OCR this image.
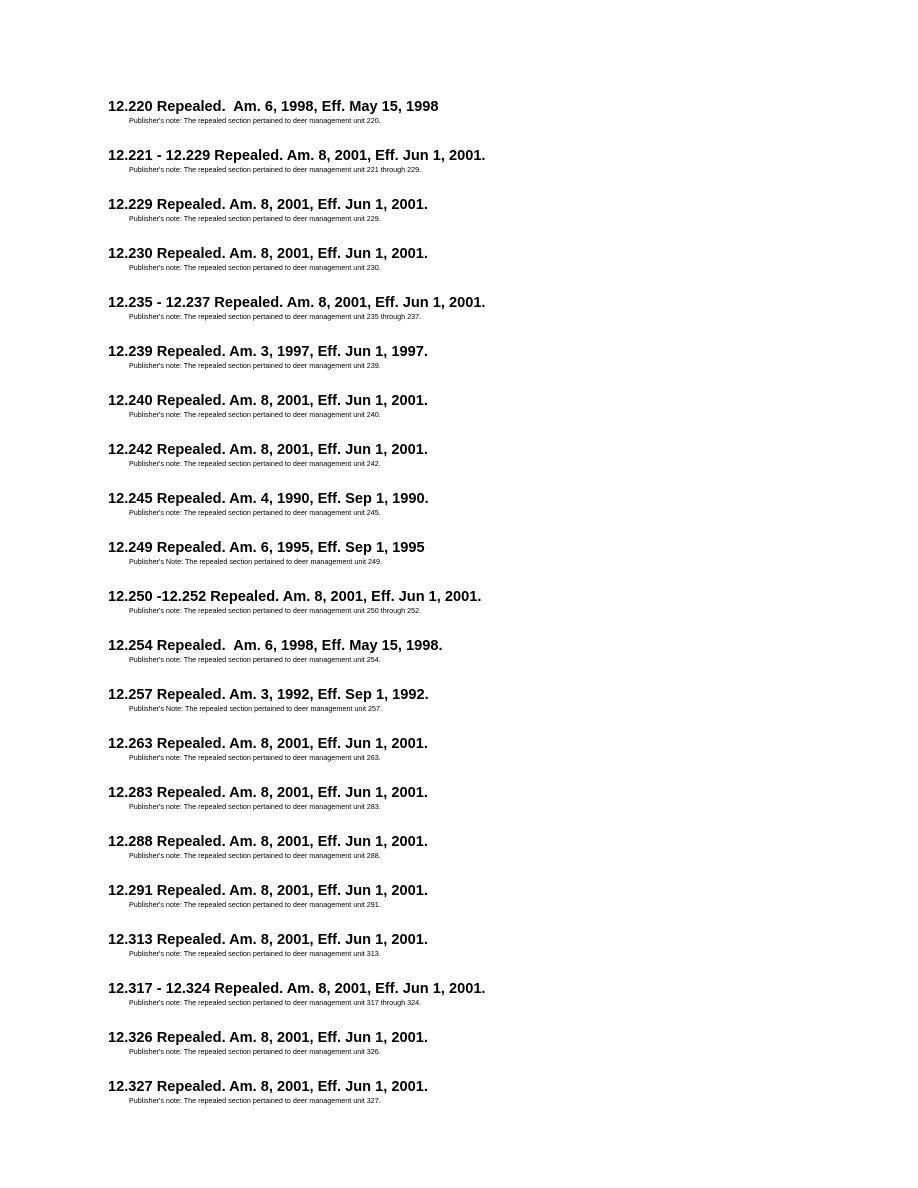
12.220 Repealed.  Am. 6, 1998, Eff. May 15, 1998

Publisher's note: The repealed section pertained to deer management unit 220.

12.221 - 12.229 Repealed. Am. 8, 2001, Eff. Jun 1, 2001.

Publisher's note: The repealed section pertained to deer management unit 221 through 229.

12.229 Repealed. Am. 8, 2001, Eff. Jun 1, 2001.

Publisher's note: The repealed section pertained to deer management unit 229.

12.230 Repealed. Am. 8, 2001, Eff. Jun 1, 2001.

Publisher's note: The repealed section pertained to deer management unit 230.

12.235 - 12.237 Repealed. Am. 8, 2001, Eff. Jun 1, 2001.

Publisher's note: The repealed section pertained to deer management unit 235 through 237.

12.239 Repealed. Am. 3, 1997, Eff. Jun 1, 1997.

Publisher's note: The repealed section pertained to deer management unit 239.

12.240 Repealed. Am. 8, 2001, Eff. Jun 1, 2001.

Publisher's note: The repealed section pertained to deer management unit 240.

12.242 Repealed. Am. 8, 2001, Eff. Jun 1, 2001.

Publisher's note: The repealed section pertained to deer management unit 242.

12.245 Repealed. Am. 4, 1990, Eff. Sep 1, 1990.

Publisher's note: The repealed section pertained to deer management unit 245.

12.249 Repealed. Am. 6, 1995, Eff. Sep 1, 1995

Publisher's Note: The repealed section pertained to deer management unit 249.

12.250 -12.252 Repealed. Am. 8, 2001, Eff. Jun 1, 2001.

Publisher's note: The repealed section pertained to deer management unit 250 through 252.

12.254 Repealed.  Am. 6, 1998, Eff. May 15, 1998.

Publisher's note: The repealed section pertained to deer management unit 254.

12.257 Repealed. Am. 3, 1992, Eff. Sep 1, 1992.

Publisher's Note: The repealed section pertained to deer management unit 257.

12.263 Repealed. Am. 8, 2001, Eff. Jun 1, 2001.

Publisher's note: The repealed section pertained to deer management unit 263.

12.283 Repealed. Am. 8, 2001, Eff. Jun 1, 2001.

Publisher's note: The repealed section pertained to deer management unit 283.

12.288 Repealed. Am. 8, 2001, Eff. Jun 1, 2001.

Publisher's note: The repealed section pertained to deer management unit 288.

12.291 Repealed. Am. 8, 2001, Eff. Jun 1, 2001.

Publisher's note: The repealed section pertained to deer management unit 291.

12.313 Repealed. Am. 8, 2001, Eff. Jun 1, 2001.

Publisher's note: The repealed section pertained to deer management unit 313.

12.317 - 12.324 Repealed. Am. 8, 2001, Eff. Jun 1, 2001.

Publisher's note: The repealed section pertained to deer management unit 317 through 324.

12.326 Repealed. Am. 8, 2001, Eff. Jun 1, 2001.

Publisher's note: The repealed section pertained to deer management unit 326.

12.327 Repealed. Am. 8, 2001, Eff. Jun 1, 2001.

Publisher's note: The repealed section pertained to deer management unit 327.
